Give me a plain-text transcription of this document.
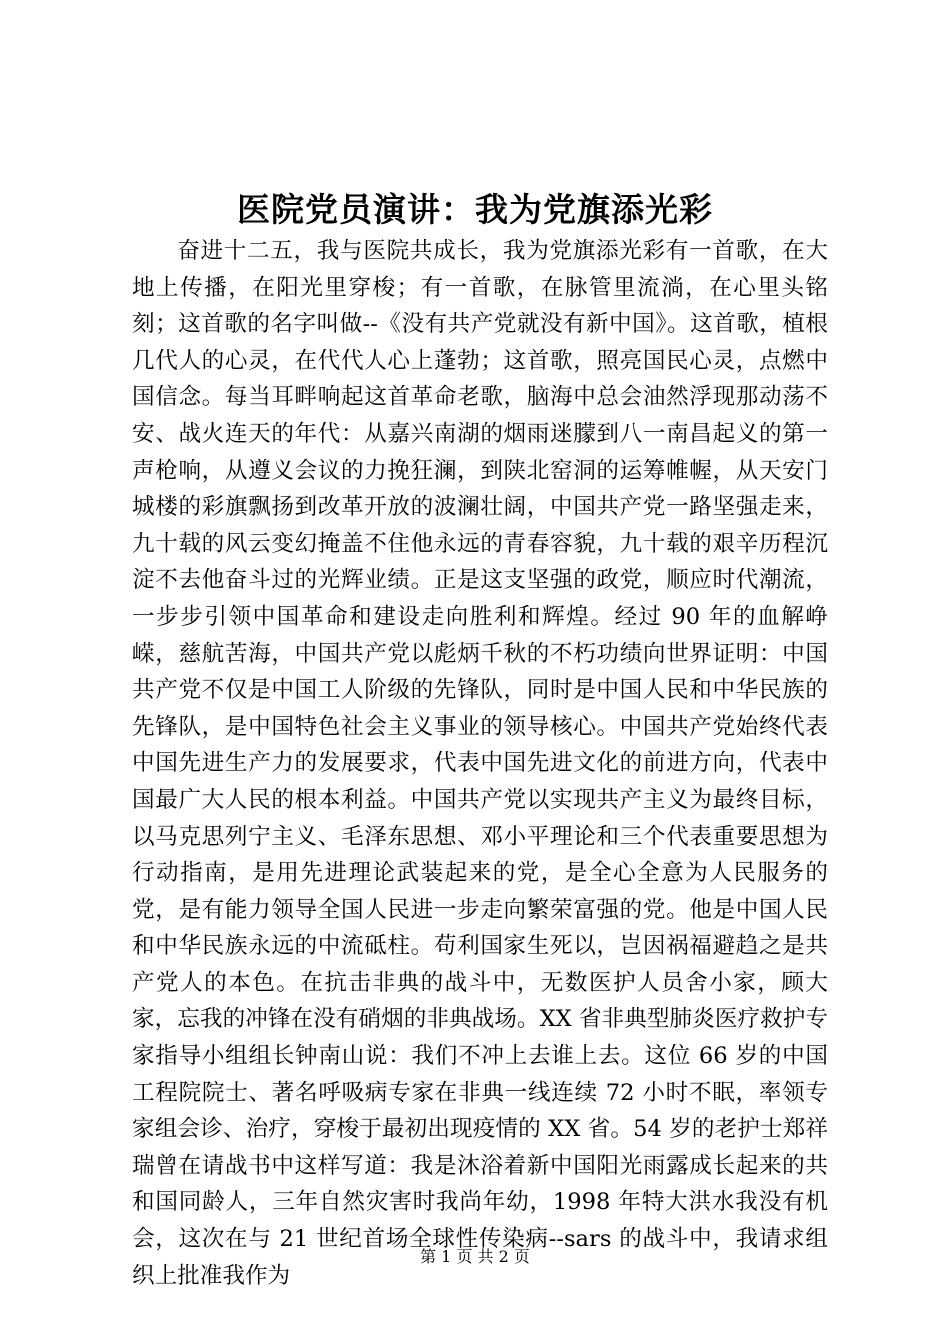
医院党员演讲：我为党旗添光彩

奋进十二五，我与医院共成长，我为党旗添光彩有一首歌，在大地上传播，在阳光里穿梭；有一首歌，在脉管里流淌，在心里头铭刻；这首歌的名字叫做--《没有共产党就没有新中国》。这首歌，植根几代人的心灵，在代代人心上蓬勃；这首歌，照亮国民心灵，点燃中国信念。每当耳畔响起这首革命老歌，脑海中总会油然浮现那动荡不安、战火连天的年代：从嘉兴南湖的烟雨迷朦到八一南昌起义的第一声枪响，从遵义会议的力挽狂澜，到陕北窑洞的运筹帷幄，从天安门城楼的彩旗飘扬到改革开放的波澜壮阔，中国共产党一路坚强走来，九十载的风云变幻掩盖不住他永远的青春容貌，九十载的艰辛历程沉淀不去他奋斗过的光辉业绩。正是这支坚强的政党，顺应时代潮流，一步步引领中国革命和建设走向胜利和辉煌。经过 90 年的血解峥嵘，慈航苦海，中国共产党以彪炳千秋的不朽功绩向世界证明：中国共产党不仅是中国工人阶级的先锋队，同时是中国人民和中华民族的先锋队，是中国特色社会主义事业的领导核心。中国共产党始终代表中国先进生产力的发展要求，代表中国先进文化的前进方向，代表中国最广大人民的根本利益。中国共产党以实现共产主义为最终目标，以马克思列宁主义、毛泽东思想、邓小平理论和三个代表重要思想为行动指南，是用先进理论武装起来的党，是全心全意为人民服务的党，是有能力领导全国人民进一步走向繁荣富强的党。他是中国人民和中华民族永远的中流砥柱。苟利国家生死以，岂因祸福避趋之是共产党人的本色。在抗击非典的战斗中，无数医护人员舍小家，顾大家，忘我的冲锋在没有硝烟的非典战场。XX 省非典型肺炎医疗救护专家指导小组组长钟南山说：我们不冲上去谁上去。这位 66 岁的中国工程院院士、著名呼吸病专家在非典一线连续 72 小时不眠，率领专家组会诊、治疗，穿梭于最初出现疫情的 XX 省。54 岁的老护士郑祥瑞曾在请战书中这样写道：我是沐浴着新中国阳光雨露成长起来的共和国同龄人，三年自然灾害时我尚年幼，1998 年特大洪水我没有机会，这次在与 21 世纪首场全球性传染病--sars 的战斗中，我请求组织上批准我作为

第 1 页 共 2 页
